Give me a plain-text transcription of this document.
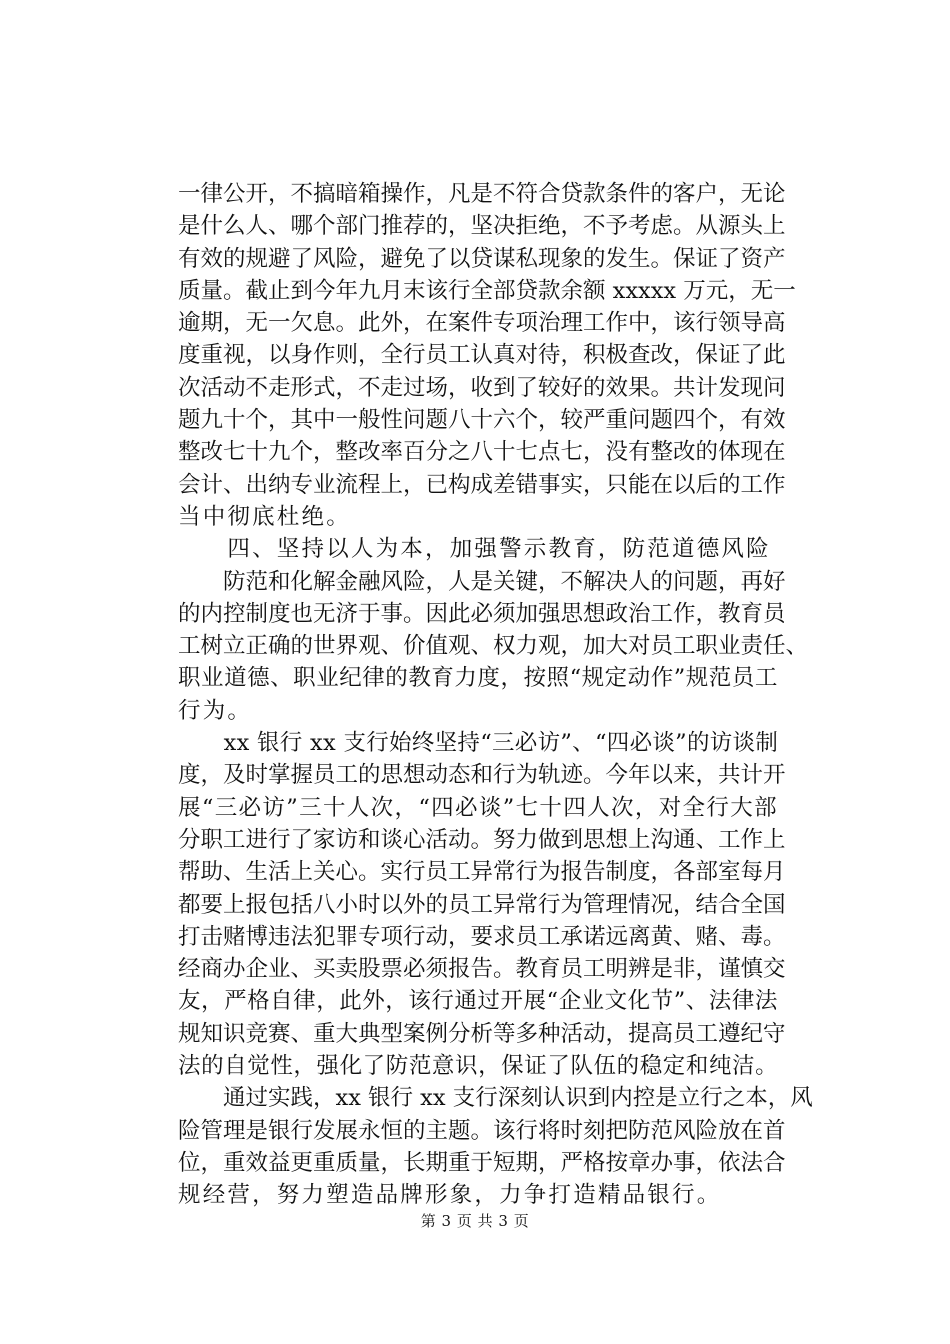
一律公开，不搞暗箱操作，凡是不符合贷款条件的客户，无论
是什么人、哪个部门推荐的，坚决拒绝，不予考虑。从源头上
有效的规避了风险，避免了以贷谋私现象的发生。保证了资产
质量。截止到今年九月末该行全部贷款余额 xxxxx 万元，无一
逾期，无一欠息。此外，在案件专项治理工作中，该行领导高
度重视，以身作则，全行员工认真对待，积极查改，保证了此
次活动不走形式，不走过场，收到了较好的效果。共计发现问
题九十个，其中一般性问题八十六个，较严重问题四个，有效
整改七十九个，整改率百分之八十七点七，没有整改的体现在
会计、出纳专业流程上，已构成差错事实，只能在以后的工作
当中彻底杜绝。
　　四、坚持以人为本，加强警示教育，防范道德风险
　　防范和化解金融风险，人是关键，不解决人的问题，再好
的内控制度也无济于事。因此必须加强思想政治工作，教育员
工树立正确的世界观、价值观、权力观，加大对员工职业责任、
职业道德、职业纪律的教育力度，按照“规定动作”规范员工
行为。
　　xx 银行 xx 支行始终坚持“三必访”、“四必谈”的访谈制
度，及时掌握员工的思想动态和行为轨迹。今年以来，共计开
展“三必访”三十人次，“四必谈”七十四人次，对全行大部
分职工进行了家访和谈心活动。努力做到思想上沟通、工作上
帮助、生活上关心。实行员工异常行为报告制度，各部室每月
都要上报包括八小时以外的员工异常行为管理情况，结合全国
打击赌博违法犯罪专项行动，要求员工承诺远离黄、赌、毒。
经商办企业、买卖股票必须报告。教育员工明辨是非，谨慎交
友，严格自律，此外，该行通过开展“企业文化节”、法律法
规知识竞赛、重大典型案例分析等多种活动，提高员工遵纪守
法的自觉性，强化了防范意识，保证了队伍的稳定和纯洁。
　　通过实践，xx 银行 xx 支行深刻认识到内控是立行之本，风
险管理是银行发展永恒的主题。该行将时刻把防范风险放在首
位，重效益更重质量，长期重于短期，严格按章办事，依法合
规经营，努力塑造品牌形象，力争打造精品银行。
第 3 页 共 3 页
